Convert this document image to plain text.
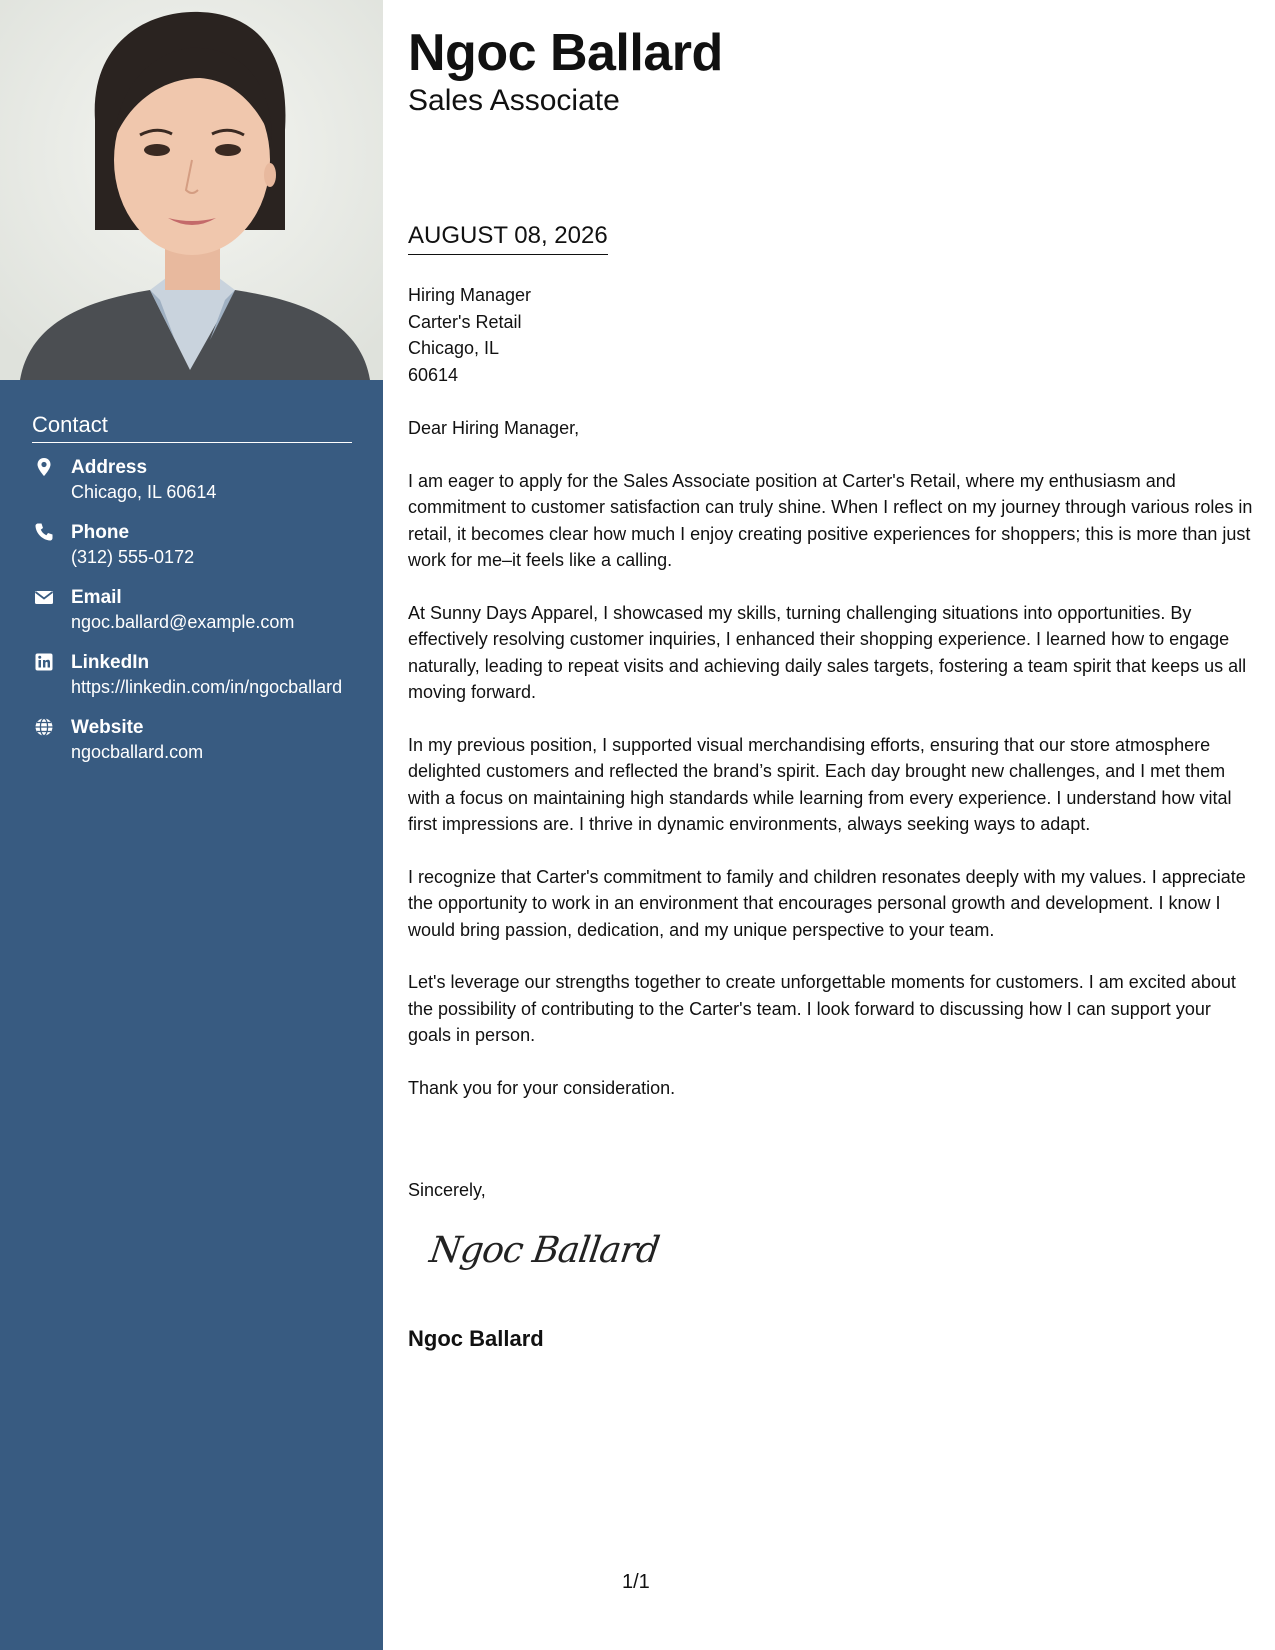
Contact
Address
Chicago, IL 60614
Phone
(312) 555-0172
Email
ngoc.ballard@example.com
LinkedIn
https://linkedin.com/in/ngocballard
Website
ngocballard.com
Ngoc Ballard
Sales Associate
AUGUST 08, 2026
Hiring Manager
Carter's Retail
Chicago, IL
60614

Dear Hiring Manager,

I am eager to apply for the Sales Associate position at Carter's Retail, where my enthusiasm and commitment to customer satisfaction can truly shine. When I reflect on my journey through various roles in retail, it becomes clear how much I enjoy creating positive experiences for shoppers; this is more than just work for me–it feels like a calling.

At Sunny Days Apparel, I showcased my skills, turning challenging situations into opportunities. By effectively resolving customer inquiries, I enhanced their shopping experience. I learned how to engage naturally, leading to repeat visits and achieving daily sales targets, fostering a team spirit that keeps us all moving forward.

In my previous position, I supported visual merchandising efforts, ensuring that our store atmosphere delighted customers and reflected the brand’s spirit. Each day brought new challenges, and I met them with a focus on maintaining high standards while learning from every experience. I understand how vital first impressions are. I thrive in dynamic environments, always seeking ways to adapt.

I recognize that Carter's commitment to family and children resonates deeply with my values. I appreciate the opportunity to work in an environment that encourages personal growth and development. I know I would bring passion, dedication, and my unique perspective to your team.

Let's leverage our strengths together to create unforgettable moments for customers. I am excited about the possibility of contributing to the Carter's team. I look forward to discussing how I can support your goals in person.

Thank you for your consideration.

Sincerely,
Ngoc Ballard
Ngoc Ballard
1/1
